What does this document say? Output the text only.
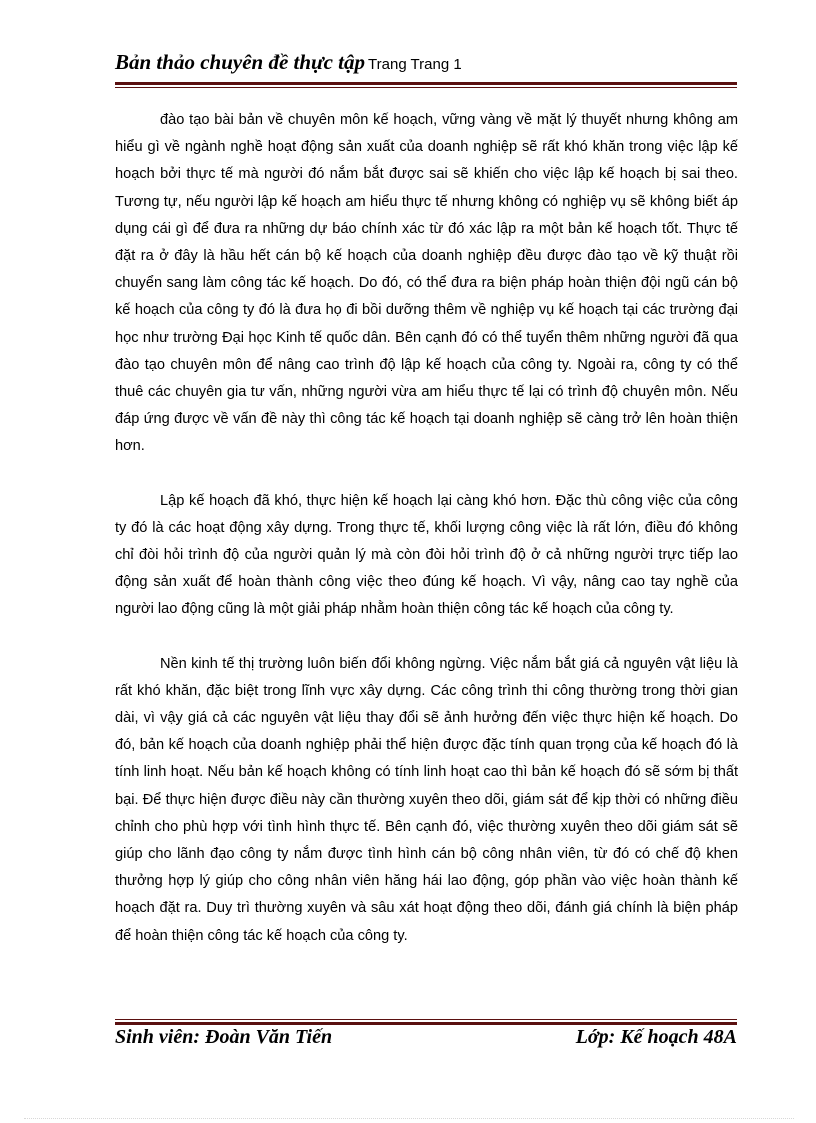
Bản thảo chuyên đề thực tập Trang Trang 1

đào tạo bài bản về chuyên môn kế hoạch, vững vàng về mặt lý thuyết nhưng không am hiểu gì về ngành nghề hoạt động sản xuất của doanh nghiệp sẽ rất khó khăn trong việc lập kế hoạch bởi thực tế mà người đó nắm bắt được sai sẽ khiến cho việc lập kế hoạch bị sai theo. Tương tự, nếu người lập kế hoạch am hiểu thực tế nhưng không có nghiệp vụ sẽ không biết áp dụng cái gì để đưa ra những dự báo chính xác từ đó xác lập ra một bản kế hoạch tốt. Thực tế đặt ra ở đây là hầu hết cán bộ kế hoạch của doanh nghiệp đều được đào tạo về kỹ thuật rồi chuyển sang làm công tác kế hoạch. Do đó, có thể đưa ra biện pháp hoàn thiện đội ngũ cán bộ kế hoạch của công ty đó là đưa họ đi bồi dưỡng thêm về nghiệp vụ kế hoạch tại các trường đại học như trường Đại học Kinh tế quốc dân. Bên cạnh đó có thể tuyển thêm những người đã qua đào tạo chuyên môn để nâng cao trình độ lập kế hoạch của công ty. Ngoài ra, công ty có thể thuê các chuyên gia tư vấn, những người vừa am hiểu thực tế lại có trình độ chuyên môn. Nếu đáp ứng được về vấn đề này thì công tác kế hoạch tại doanh nghiệp sẽ càng trở lên hoàn thiện hơn.

Lập kế hoạch đã khó, thực hiện kế hoạch lại càng khó hơn. Đặc thù công việc của công ty đó là các hoạt động xây dựng. Trong thực tế, khối lượng công việc là rất lớn, điều đó không chỉ đòi hỏi trình độ của người quản lý mà còn đòi hỏi trình độ ở cả những người trực tiếp lao động sản xuất để hoàn thành công việc theo đúng kế hoạch. Vì vậy, nâng cao tay nghề của người lao động cũng là một giải pháp nhằm hoàn thiện công tác kế hoạch của công ty.

Nền kinh tế thị trường luôn biến đổi không ngừng. Việc nắm bắt giá cả nguyên vật liệu là rất khó khăn, đặc biệt trong lĩnh vực xây dựng. Các công trình thi công thường trong thời gian dài, vì vậy giá cả các nguyên vật liệu thay đổi sẽ ảnh hưởng đến việc thực hiện kế hoạch. Do đó, bản kế hoạch của doanh nghiệp phải thể hiện được đặc tính quan trọng của kế hoạch đó là tính linh hoạt. Nếu bản kế hoạch không có tính linh hoạt cao thì bản kế hoạch đó sẽ sớm bị thất bại. Để thực hiện được điều này cần thường xuyên theo dõi, giám sát để kịp thời có những điều chỉnh cho phù hợp với tình hình thực tế. Bên cạnh đó, việc thường xuyên theo dõi giám sát sẽ giúp cho lãnh đạo công ty nắm được tình hình cán bộ công nhân viên, từ đó có chế độ khen thưởng hợp lý giúp cho công nhân viên hăng hái lao động, góp phần vào việc hoàn thành kế hoạch đặt ra. Duy trì thường xuyên và sâu xát hoạt động theo dõi, đánh giá chính là biện pháp để hoàn thiện công tác kế hoạch của công ty.

Sinh viên: Đoàn Văn Tiến	Lớp: Kế hoạch 48A
